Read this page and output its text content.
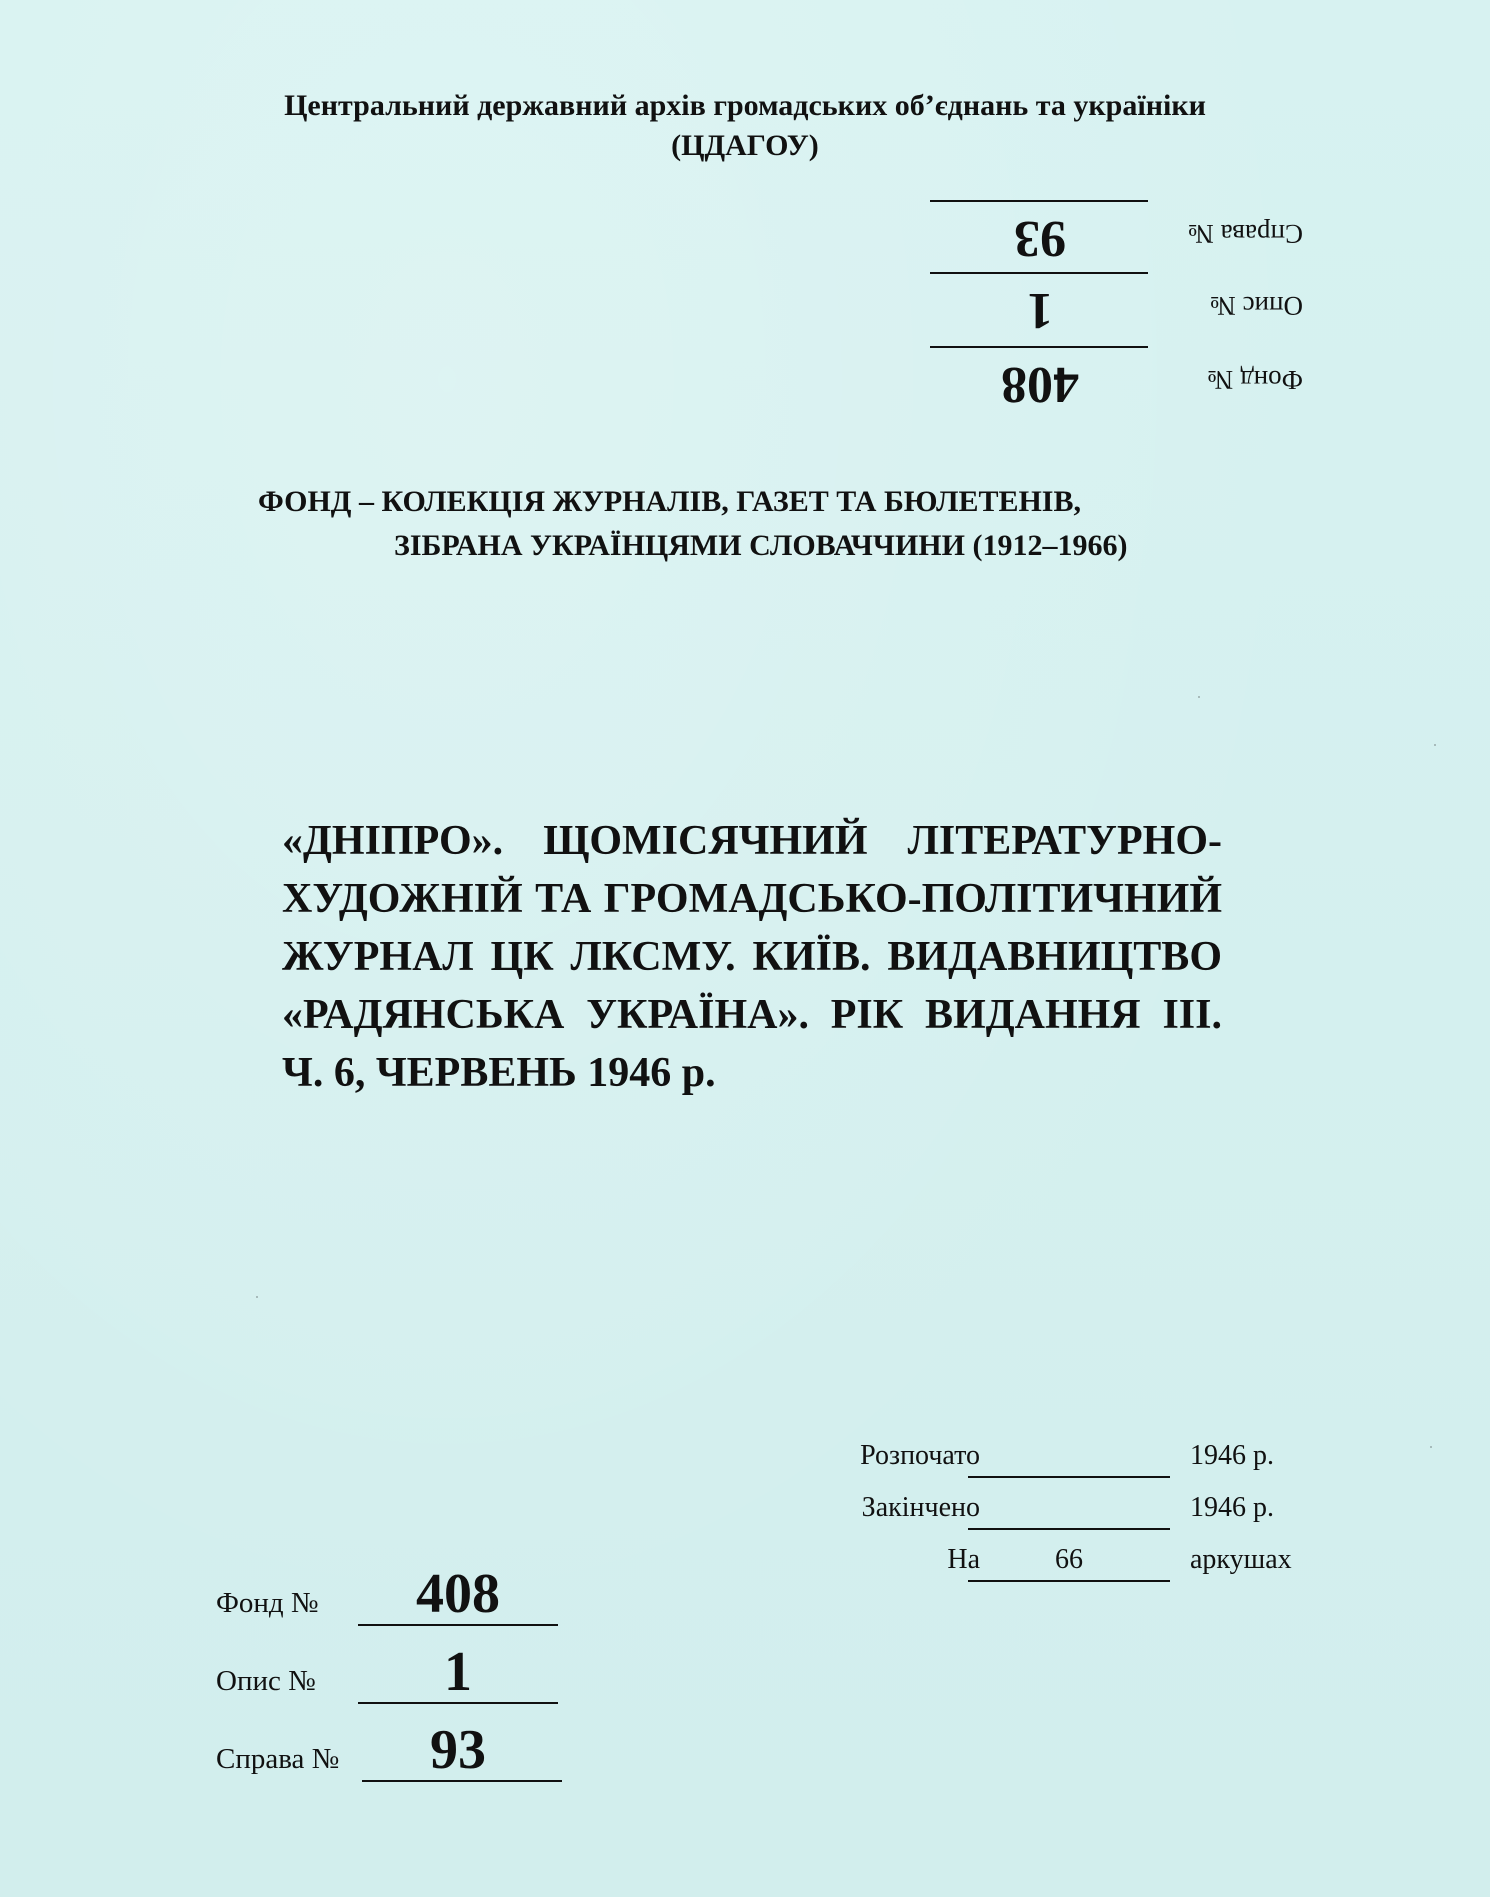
Центральний державний архів громадських об’єднань та україніки
(ЦДАГОУ)
Фонд №
408
Опис №
1
Справа №
93
ФОНД – КОЛЕКЦІЯ ЖУРНАЛІВ, ГАЗЕТ ТА БЮЛЕТЕНІВ,
ЗІБРАНА УКРАЇНЦЯМИ СЛОВАЧЧИНИ (1912–1966)
«ДНІПРО». ЩОМІСЯЧНИЙ ЛІТЕРАТУРНО-
ХУДОЖНІЙ ТА ГРОМАДСЬКО-ПОЛІТИЧНИЙ
ЖУРНАЛ ЦК ЛКСМУ. КИЇВ. ВИДАВНИЦТВО
«РАДЯНСЬКА УКРАЇНА». РІК ВИДАННЯ III.
Ч. 6, ЧЕРВЕНЬ 1946 р.
Розпочато	1946 р.
Закінчено	1946 р.
На	66	аркушах
Фонд №	408
Опис №	1
Справа №	93
